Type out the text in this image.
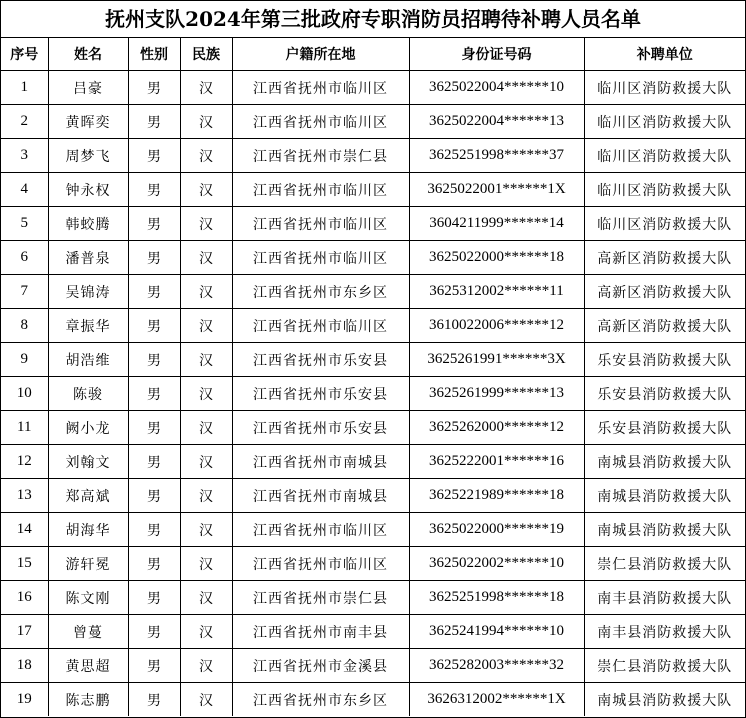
抚州支队2024年第三批政府专职消防员招聘待补聘人员名单
序号	姓名	性别	民族	户籍所在地	身份证号码	补聘单位
1	吕豪	男	汉	江西省抚州市临川区	3625022004******10	临川区消防救援大队
2	黄晖奕	男	汉	江西省抚州市临川区	3625022004******13	临川区消防救援大队
3	周梦飞	男	汉	江西省抚州市崇仁县	3625251998******37	临川区消防救援大队
4	钟永权	男	汉	江西省抚州市临川区	3625022001******1X	临川区消防救援大队
5	韩蛟腾	男	汉	江西省抚州市临川区	3604211999******14	临川区消防救援大队
6	潘普泉	男	汉	江西省抚州市临川区	3625022000******18	高新区消防救援大队
7	吴锦涛	男	汉	江西省抚州市东乡区	3625312002******11	高新区消防救援大队
8	章振华	男	汉	江西省抚州市临川区	3610022006******12	高新区消防救援大队
9	胡浩维	男	汉	江西省抚州市乐安县	3625261991******3X	乐安县消防救援大队
10	陈骏	男	汉	江西省抚州市乐安县	3625261999******13	乐安县消防救援大队
11	阙小龙	男	汉	江西省抚州市乐安县	3625262000******12	乐安县消防救援大队
12	刘翰文	男	汉	江西省抚州市南城县	3625222001******16	南城县消防救援大队
13	郑高斌	男	汉	江西省抚州市南城县	3625221989******18	南城县消防救援大队
14	胡海华	男	汉	江西省抚州市临川区	3625022000******19	南城县消防救援大队
15	游轩冕	男	汉	江西省抚州市临川区	3625022002******10	崇仁县消防救援大队
16	陈文刚	男	汉	江西省抚州市崇仁县	3625251998******18	南丰县消防救援大队
17	曾蔓	男	汉	江西省抚州市南丰县	3625241994******10	南丰县消防救援大队
18	黄思超	男	汉	江西省抚州市金溪县	3625282003******32	崇仁县消防救援大队
19	陈志鹏	男	汉	江西省抚州市东乡区	3626312002******1X	南城县消防救援大队
